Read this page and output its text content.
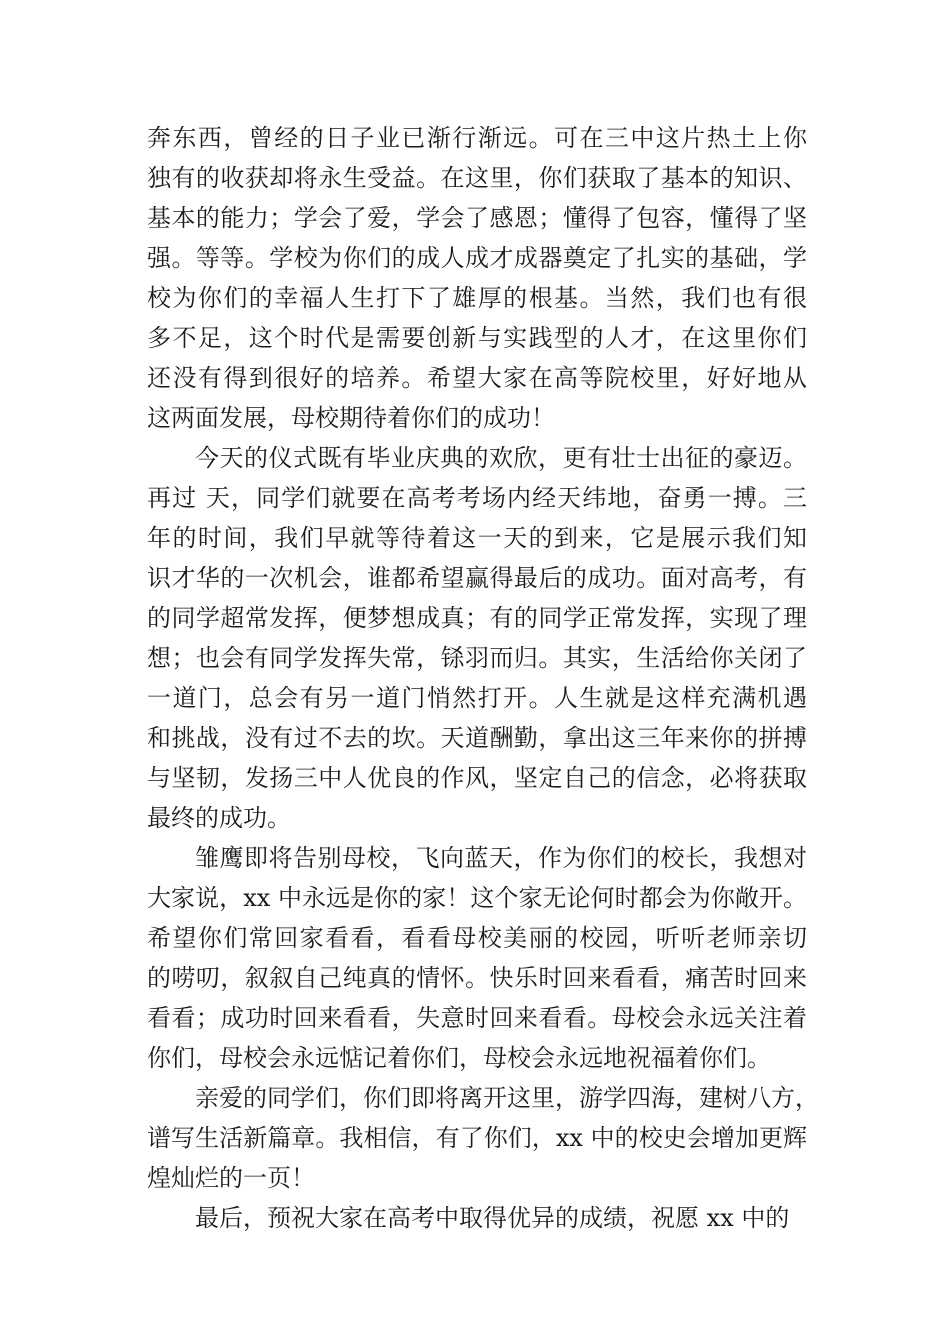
奔东西，曾经的日子业已渐行渐远。可在三中这片热土上你
独有的收获却将永生受益。在这里，你们获取了基本的知识、
基本的能力；学会了爱，学会了感恩；懂得了包容，懂得了坚
强。等等。学校为你们的成人成才成器奠定了扎实的基础，学
校为你们的幸福人生打下了雄厚的根基。当然，我们也有很
多不足，这个时代是需要创新与实践型的人才，在这里你们
还没有得到很好的培养。希望大家在高等院校里，好好地从
这两面发展，母校期待着你们的成功！
今天的仪式既有毕业庆典的欢欣，更有壮士出征的豪迈。
再过 天，同学们就要在高考考场内经天纬地，奋勇一搏。三
年的时间，我们早就等待着这一天的到来，它是展示我们知
识才华的一次机会，谁都希望赢得最后的成功。面对高考，有
的同学超常发挥，便梦想成真；有的同学正常发挥，实现了理
想；也会有同学发挥失常，铩羽而归。其实，生活给你关闭了
一道门，总会有另一道门悄然打开。人生就是这样充满机遇
和挑战，没有过不去的坎。天道酬勤，拿出这三年来你的拼搏
与坚韧，发扬三中人优良的作风，坚定自己的信念，必将获取
最终的成功。
雏鹰即将告别母校，飞向蓝天，作为你们的校长，我想对
大家说，xx 中永远是你的家！这个家无论何时都会为你敞开。
希望你们常回家看看，看看母校美丽的校园，听听老师亲切
的唠叨，叙叙自己纯真的情怀。快乐时回来看看，痛苦时回来
看看；成功时回来看看，失意时回来看看。母校会永远关注着
你们，母校会永远惦记着你们，母校会永远地祝福着你们。
亲爱的同学们，你们即将离开这里，游学四海，建树八方，
谱写生活新篇章。我相信，有了你们，xx 中的校史会增加更辉
煌灿烂的一页！
最后，预祝大家在高考中取得优异的成绩，祝愿 xx 中的
